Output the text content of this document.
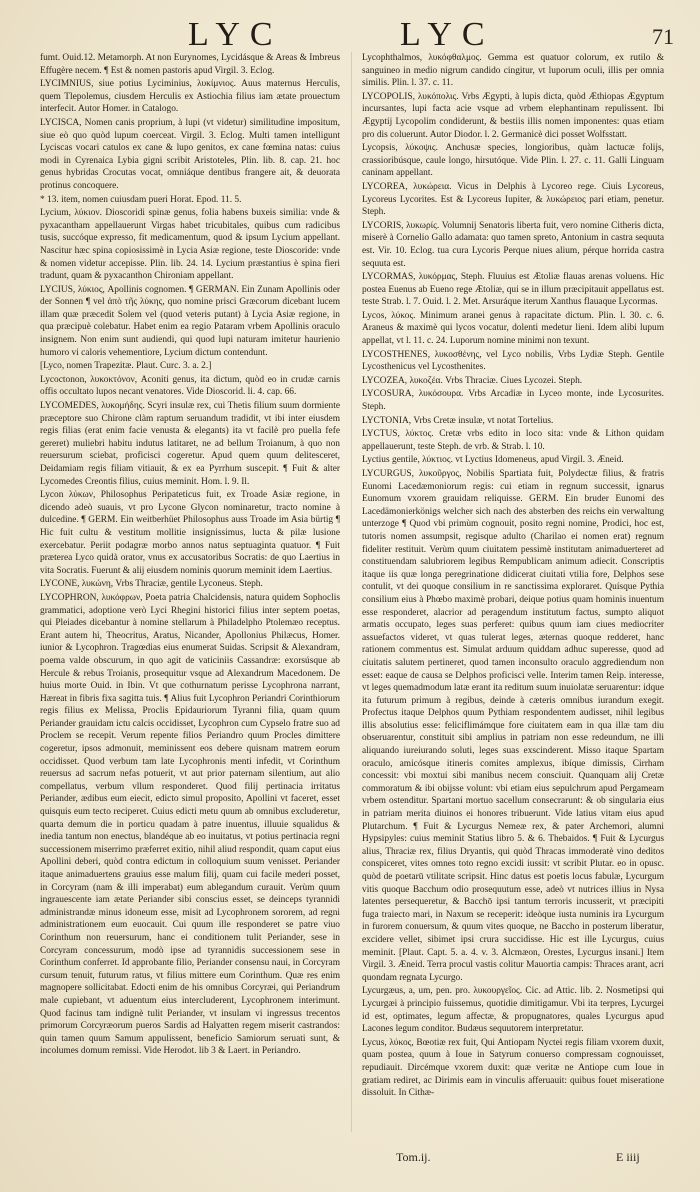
LYC	LYC	71

fumt. Ouid.12. Metamorph. At non Eurynomes, Lycidásque & Areas & Imbreus Effugère necem. ¶ Est & nomen pastoris apud Virgil. 3. Eclog.

LYCIMNIUS, siue potius Lyciminius, λυκίμνιος. Auus maternus Herculis, quem Tlepolemus, ciusdem Herculis ex Astiochia filius iam ætate prouectum interfecit. Autor Homer. in Catalogo.

LYCISCA, Nomen canis proprium, à lupi (vt videtur) similitudine impositum, siue eò quo quòd lupum coerceat. Virgil. 3. Eclog. Multi tamen intelligunt Lyciscas vocari catulos ex cane & lupo genitos, ex cane fœmina natas: cuius modi in Cyrenaica Lybia gigni scribit Aristoteles, Plin. lib. 8. cap. 21. hoc genus hybridas Crocutas vocat, omniáque dentibus frangere ait, & deuorata protinus concoquere.

* 13. item, nomen cuiusdam pueri Horat. Epod. 11. 5.

Lycium, λύκιον. Dioscoridi spinæ genus, folia habens buxeis similia: vnde & pyxacantham appellauerunt Virgas habet tricubitales, quibus cum radicibus tusis, succóque expresso, fit medicamentum, quod & ipsum Lycium appellant. Nascitur hæc spina copiosissimè in Lycia Asiæ regione, teste Dioscoride: vnde & nomen videtur accepisse. Plin. lib. 24. 14. Lycium præstantius è spina fieri tradunt, quam & pyxacanthon Chironiam appellant.

LYCIUS, λύκιος, Apollinis cognomen. ¶ GERMAN. Ein Zunam Apollinis oder der Sonnen ¶ vel ἀπὸ τῆς λύκης, quo nomine prisci Græcorum dicebant lucem illam quæ præcedit Solem vel (quod veteris putant) à Lycia Asiæ regione, in qua præcipuè colebatur. Habet enim ea regio Pataram vrbem Apollinis oraculo insignem. Non enim sunt audiendi, qui quod lupi naturam imitetur haurienio humoro vi caloris vehementiore, Lycium dictum contendunt.

[Lyco, nomen Trapezitæ. Plaut. Curc. 3. a. 2.]

Lycoctonon, λυκοκτόνον, Aconiti genus, ita dictum, quòd eo in crudæ carnis offis occultato lupos necant venatores. Vide Dioscorid. li. 4. cap. 66.

LYCOMEDES, λυκομήδης. Scyri insulæ rex, cui Thetis filium suum dormiente præceptore suo Chirone clàm raptum seruandum tradidit, vt ibi inter eiusdem regis filias (erat enim facie venusta & elegants) ita vt facilè pro puella fefe gereret) muliebri habitu indutus latitaret, ne ad bellum Troianum, à quo non reuersurum sciebat, proficisci cogeretur. Apud quem quum delitesceret, Deidamiam regis filiam vitiauit, & ex ea Pyrrhum suscepit. ¶ Fuit & alter Lycomedes Creontis filius, cuius meminit. Hom. l. 9. Il.

Lycon λύκων, Philosophus Peripateticus fuit, ex Troade Asiæ regione, in dicendo adeò suauis, vt pro Lycone Glycon nominaretur, tracto nomine à dulcedine. ¶ GERM. Ein weitberhüet Philosophus auss Troade im Asia bürtig ¶ Hic fuit cultu & vestitum mollitie insignissimus, lucta & pilæ lusione exercebatur. Periit podagræ morbo annos natus septuaginta quatuor. ¶ Fuit præterea Lyco quidà orator, vnus ex accusatoribus Socratis: de quo Laertius in vita Socratis. Fuerunt & alij eiusdem nominis quorum meminit idem Laertius.

LYCONE, λυκώνη, Vrbs Thraciæ, gentile Lyconeus. Steph.

LYCOPHRON, λυκόφρων, Poeta patria Chalcidensis, natura quidem Sophoclis grammatici, adoptione verò Lyci Rhegini historici filius inter septem poetas, qui Pleiades dicebantur à nomine stellarum à Philadelpho Ptolemæo receptus. Erant autem hi, Theocritus, Aratus, Nicander, Apollonius Philæcus, Homer. iunior & Lycophron. Tragœdias eius enumerat Suidas. Scripsit & Alexandram, poema valde obscurum, in quo agit de vaticiniis Cassandræ: exorsúsque ab Hercule & rebus Troianis, prosequitur vsque ad Alexandrum Macedonem. De huius morte Ouid. in Ibin. Vt que cothurnatum perisse Lycophrona narrant, Hæreat in fibris fixa sagitta tuis. ¶ Alius fuit Lycophron Periandri Corinthiorum regis filius ex Melissa, Proclis Epidauriorum Tyranni filia, quam quum Periander grauidam ictu calcis occidisset, Lycophron cum Cypselo fratre suo ad Proclem se recepit. Verum repente filios Periandro quum Procles dimittere cogeretur, ipsos admonuit, meminissent eos debere quisnam matrem eorum occidisset. Quod verbum tam late Lycophronis menti infedit, vt Corinthum reuersus ad sacrum nefas potuerit, vt aut prior paternam silentium, aut alio compellatus, verbum vllum responderet. Quod filij pertinacia irritatus Periander, ædibus eum eiecit, edicto simul proposito, Apollini vt faceret, esset quisquis eum tecto reciperet. Cuius edicti metu quum ab omnibus excluderetur, quarta demum die in porticu quadam à patre inuentus, illuuie squalidus & inedia tantum non enectus, blandéque ab eo inuitatus, vt potius pertinacia regni successionem miserrimo præferret exitio, nihil aliud respondit, quam caput eius Apollini deberi, quòd contra edictum in colloquium suum venisset. Periander itaque animaduertens grauius esse malum filij, quam cui facile mederi posset, in Corcyram (nam & illi imperabat) eum ablegandum curauit. Verùm quum ingrauescente iam ætate Periander sibi conscius esset, se deinceps tyrannidi administrandæ minus idoneum esse, misit ad Lycophronem sororem, ad regni administrationem eum euocauit. Cui quum ille responderet se patre viuo Corinthum non reuersurum, hanc ei conditionem tulit Periander, sese in Corcyram concessurum, modò ipse ad tyrannidis successionem sese in Corinthum conferret. Id approbante filio, Periander consensu naui, in Corcyram cursum tenuit, futurum ratus, vt filius mittere eum Corinthum. Quæ res enim magnopere sollicitabat. Edocti enim de his omnibus Corcyræi, qui Periandrum male cupiebant, vt aduentum eius intercluderent, Lycophronem interimunt. Quod facinus tam indignè tulit Periander, vt insulam vi ingressus trecentos primorum Corcyræorum pueros Sardis ad Halyatten regem miserit castrandos: quin tamen quum Samum appulissent, beneficio Samiorum seruati sunt, & incolumes domum remissi. Vide Herodot. lib 3 & Laert. in Periandro.

Lycophthalmos, λυκόφθαλμος. Gemma est quatuor colorum, ex rutilo & sanguineo in medio nigrum candido cingitur, vt luporum oculi, illis per omnia similis. Plin. l. 37. c. 11.

LYCOPOLIS, λυκόπολις. Vrbs Ægypti, à lupis dicta, quòd Æthiopas Ægyptum incursantes, lupi facta acie vsque ad vrbem elephantinam repulissent. Ibi Ægyptij Lycopolim condiderunt, & bestiis illis nomen imponentes: quas etiam pro dis coluerunt. Autor Diodor. l. 2. Germanicè dici posset Wolfsstatt.

Lycopsis, λύκοψις. Anchusæ species, longioribus, quàm lactucæ folijs, crassioribúsque, caule longo, hirsutóque. Vide Plin. l. 27. c. 11. Galli Linguam caninam appellant.

LYCOREA, λυκώρεια. Vicus in Delphis à Lycoreo rege. Ciuis Lycoreus, Lycoreus Lycorites. Est & Lycoreus Iupiter, & λυκώρειος pari etiam, penetur. Steph.

LYCORIS, λυκωρίς. Volumnij Senatoris liberta fuit, vero nomine Citheris dicta, miserè à Cornelio Gallo adamata: quo tamen spreto, Antonium in castra sequuta est. Vir. 10. Eclog. tua cura Lycoris Perque niues alium, pérque horrida castra sequuta est.

LYCORMAS, λυκόρμας, Steph. Fluuius est Ætoliæ flauas arenas voluens. Hic postea Euenus ab Eueno rege Ætoliæ, qui se in illum præcipitauit appellatus est. teste Strab. l. 7. Ouid. l. 2. Met. Arsuráque iterum Xanthus flauaque Lycormas.

Lycos, λύκος. Minimum aranei genus à rapacitate dictum. Plin. l. 30. c. 6. Araneus & maximè qui lycos vocatur, dolenti medetur lieni. Idem alibi lupum appellat, vt l. 11. c. 24. Luporum nomine minimi non texunt.

LYCOSTHENES, λυκοσθένης, vel Lyco nobilis, Vrbs Lydiæ Steph. Gentile Lycosthenicus vel Lycosthenites.

LYCOZEA, λυκοζέα. Vrbs Thraciæ. Ciues Lycozei. Steph.

LYCOSURA, λυκόσουρα. Vrbs Arcadiæ in Lyceo monte, inde Lycosurites. Steph.

LYCTONIA, Vrbs Cretæ insulæ, vt notat Tortelius.

LYCTUS, λύκτος. Cretæ vrbs edito in loco sita: vnde & Lithon quidam appellauerunt, teste Steph. de vrb. & Strab. l. 10.

Lyctius gentile, λύκτιος. vt Lyctius Idomeneus, apud Virgil. 3. Æneid.

LYCURGUS, λυκοῦργος, Nobilis Spartiata fuit, Polydectæ filius, & fratris Eunomi Lacedæmoniorum regis: cui etiam in regnum successit, ignarus Eunomum vxorem grauidam reliquisse. GERM. Ein bruder Eunomi des Lacedämonierkönigs welcher sich nach des absterben des reichs ein verwaltung unterzoge ¶ Quod vbi primùm cognouit, posito regni nomine, Prodici, hoc est, tutoris nomen assumpsit, regisque adulto (Charilao ei nomen erat) regnum fideliter restituit. Verùm quum ciuitatem pessimè institutam animaduerteret ad constituendam salubriorem legibus Rempublicam animum adiecit. Conscriptis itaque iis quæ longa peregrinatione didicerat ciuitati vtilia fore, Delphos sese contulit, vt dei quoque consilium in re sanctissima exploraret. Quísque Pythia consilium eius à Phœbo maximè probari, deique potius quam hominis inuentum esse responderet, alacrior ad peragendum institutum factus, sumpto aliquot armatis occupato, leges suas perferet: quibus quum iam ciues mediocriter assuefactos videret, vt quas tulerat leges, æternas quoque redderet, hanc rationem commentus est. Simulat arduum quiddam adhuc superesse, quod ad ciuitatis salutem pertineret, quod tamen inconsulto oraculo aggrediendum non esset: eaque de causa se Delphos proficisci velle. Interim tamen Reip. interesse, vt leges quemadmodum latæ erant ita reditum suum inuiolatæ seruarentur: idque ita futurum primum à regibus, deinde à cæteris omnibus iurandum exegit. Profectus itaque Delphos quum Pythiam respondentem audisset, nihil legibus illis absolutius esse: feliciflimámque fore ciuitatem eam in qua illæ tam diu obseruarentur, constituit sibi amplius in patriam non esse redeundum, ne illi aliquando iureiurando soluti, leges suas exscinderent. Misso itaque Spartam oraculo, amicósque itineris comites amplexus, ibíque dimissis, Cirrham concessit: vbi moxtui sibi manibus necem consciuit. Quanquam alij Cretæ commoratum & ibi obijsse volunt: vbi etiam eius sepulchrum apud Pergameam vrbem ostenditur. Spartani mortuo sacellum consecrarunt: & ob singularia eius in patriam merita diuinos ei honores tribuerunt. Vide latius vitam eius apud Plutarchum. ¶ Fuit & Lycurgus Nemeæ rex, & pater Archemori, alumni Hypsipyles: cuius meminit Statius libro 5. & 6. Thebaidos. ¶ Fuit & Lycurgus alius, Thraciæ rex, filius Dryantis, qui quòd Thracas immoderatè vino deditos conspiceret, vites omnes toto regno excidi iussit: vt scribit Plutar. eo in opusc. quòd de poetarū vtilitate scripsit. Hinc datus est poetis locus fabulæ, Lycurgum vitis quoque Bacchum odio prosequutum esse, adeò vt nutrices illius in Nysa latentes persequeretur, & Bacchō ipsi tantum terroris incusserit, vt præcipiti fuga traiecto mari, in Naxum se receperit: ideòque iusta numinis ira Lycurgum in furorem conuersum, & quum vites quoque, ne Baccho in posterum liberatur, excidere vellet, sibimet ipsi crura succidisse. Hic est ille Lycurgus, cuius meminit. [Plaut. Capt. 5. a. 4. v. 3. Alcmæon, Orestes, Lycurgus insani.] Item Virgil. 3. Æneid. Terra procul vastis colitur Mauortia campis: Thraces arant, acri quondam regnata Lycurgo.

Lycurgæus, a, um, pen. pro. λυκουργεῖος. Cic. ad Attic. lib. 2. Nosmetipsi qui Lycurgæi à principio fuissemus, quotidie dimitigamur. Vbi ita terpres, Lycurgei id est, optimates, legum affectæ, & propugnatores, quales Lycurgus apud Lacones legum conditor. Budæus sequutorem interpretatur.

Lycus, λύκος, Bœotiæ rex fuit, Qui Antiopam Nyctei regis filiam vxorem duxit, quam postea, quum à Ioue in Satyrum conuerso compressam cognouisset, repudiauit. Dircémque vxorem duxit: quæ veritæ ne Antiope cum Ioue in gratiam rediret, ac Dirimis eam in vinculis afferuauit: quibus fouet miseratione dissoluit. In Cithæ-

Tom.ij.	E iiij
